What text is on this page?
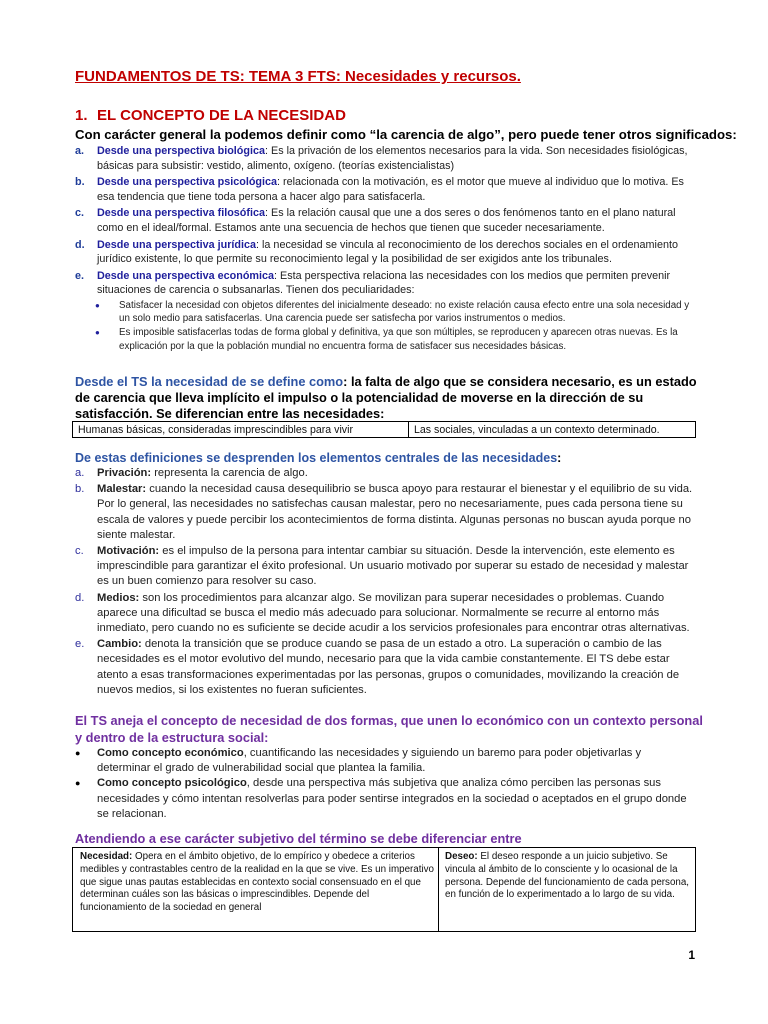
FUNDAMENTOS DE TS: TEMA 3 FTS: Necesidades y recursos.
1. EL CONCEPTO DE LA NECESIDAD
Con carácter general la podemos definir como “la carencia de algo”, pero puede tener otros significados:
a.	Desde una perspectiva biológica: Es la privación de los elementos necesarios para la vida. Son necesidades fisiológicas, básicas para subsistir: vestido, alimento, oxígeno. (teorías existencialistas)
b.	Desde una perspectiva psicológica: relacionada con la motivación, es el motor que mueve al individuo que lo motiva. Es esa tendencia que tiene toda persona a hacer algo para satisfacerla.
c.	Desde una perspectiva filosófica: Es la relación causal que une a dos seres o dos fenómenos tanto en el plano natural como en el ideal/formal. Estamos ante una secuencia de hechos que tienen que suceder necesariamente.
d.	Desde una perspectiva jurídica: la necesidad se vincula al reconocimiento de los derechos sociales en el ordenamiento jurídico existente, lo que permite su reconocimiento legal y la posibilidad de ser exigidos ante los tribunales.
e.	Desde una perspectiva económica: Esta perspectiva relaciona las necesidades con los medios que permiten prevenir situaciones de carencia o subsanarlas. Tienen dos peculiaridades:
●	Satisfacer la necesidad con objetos diferentes del inicialmente deseado: no existe relación causa efecto entre una sola necesidad y un solo medio para satisfacerlas. Una carencia puede ser satisfecha por varios instrumentos o medios.
●	Es imposible satisfacerlas todas de forma global y definitiva, ya que son múltiples, se reproducen y aparecen otras nuevas. Es la explicación por la que la población mundial no encuentra forma de satisfacer sus necesidades básicas.
Desde el TS la necesidad de se define como: la falta de algo que se considera necesario, es un estado de carencia que lleva implícito el impulso o la potencialidad de moverse en la dirección de su satisfacción. Se diferencian entre las necesidades:
Humanas básicas, consideradas imprescindibles para vivir	Las sociales, vinculadas a un contexto determinado.
De estas definiciones se desprenden los elementos centrales de las necesidades:
a.	Privación: representa la carencia de algo.
b.	Malestar: cuando la necesidad causa desequilibrio se busca apoyo para restaurar el bienestar y el equilibrio de su vida. Por lo general, las necesidades no satisfechas causan malestar, pero no necesariamente, pues cada persona tiene su escala de valores y puede percibir los acontecimientos de forma distinta. Algunas personas no buscan ayuda porque no siente malestar.
c.	Motivación: es el impulso de la persona para intentar cambiar su situación. Desde la intervención, este elemento es imprescindible para garantizar el éxito profesional. Un usuario motivado por superar su estado de necesidad y malestar es un buen comienzo para resolver su caso.
d.	Medios: son los procedimientos para alcanzar algo. Se movilizan para superar necesidades o problemas. Cuando aparece una dificultad se busca el medio más adecuado para solucionar. Normalmente se recurre al entorno más inmediato, pero cuando no es suficiente se decide acudir a los servicios profesionales para encontrar otras alternativas.
e.	Cambio: denota la transición que se produce cuando se pasa de un estado a otro. La superación o cambio de las necesidades es el motor evolutivo del mundo, necesario para que la vida cambie constantemente. El TS debe estar atento a esas transformaciones experimentadas por las personas, grupos o comunidades, movilizando la creación de nuevos medios, si los existentes no fueran suficientes.
El TS aneja el concepto de necesidad de dos formas, que unen lo económico con un contexto personal y dentro de la estructura social:
●	Como concepto económico, cuantificando las necesidades y siguiendo un baremo para poder objetivarlas y determinar el grado de vulnerabilidad social que plantea la familia.
●	Como concepto psicológico, desde una perspectiva más subjetiva que analiza cómo perciben las personas sus necesidades y cómo intentan resolverlas para poder sentirse integrados en la sociedad o aceptados en el grupo donde se relacionan.
Atendiendo a ese carácter subjetivo del término se debe diferenciar entre
Necesidad: Opera en el ámbito objetivo, de lo empírico y obedece a criterios medibles y contrastables centro de la realidad en la que se vive. Es un imperativo que sigue unas pautas establecidas en contexto social consensuado en el que determinan cuáles son las básicas o imprescindibles. Depende del funcionamiento de la sociedad en general
Deseo: El deseo responde a un juicio subjetivo. Se vincula al ámbito de lo consciente y lo ocasional de la persona. Depende del funcionamiento de cada persona, en función de lo experimentado a lo largo de su vida.
1
